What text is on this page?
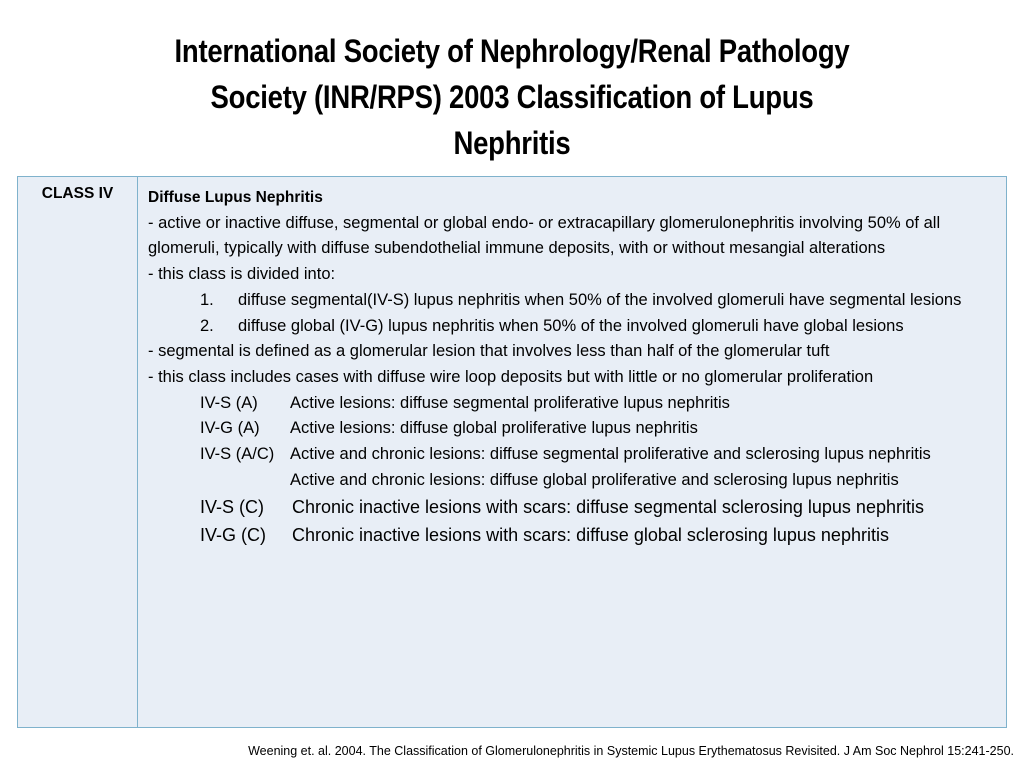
International Society of Nephrology/Renal Pathology
Society (INR/RPS) 2003 Classification of Lupus
Nephritis
CLASS IV	Diffuse Lupus Nephritis

- active or inactive diffuse, segmental or global endo- or extracapillary glomerulonephritis involving 50% of all glomeruli, typically with diffuse subendothelial immune deposits, with or without mesangial alterations

- this class is divided into:

1.	diffuse segmental(IV-S) lupus nephritis when 50% of the involved glomeruli have segmental lesions
2.	diffuse global (IV-G) lupus nephritis when 50% of the involved glomeruli have global lesions

- segmental is defined as a glomerular lesion that involves less than half of the glomerular tuft

- this class includes cases with diffuse wire loop deposits but with little or no glomerular proliferation

IV-S (A)	Active lesions: diffuse segmental proliferative lupus nephritis
IV-G (A)	Active lesions: diffuse global proliferative lupus nephritis
IV-S (A/C) Active and chronic lesions: diffuse segmental proliferative and sclerosing lupus nephritis
Active and chronic lesions: diffuse global proliferative and sclerosing lupus nephritis
IV-S (C)	Chronic inactive lesions with scars: diffuse segmental sclerosing lupus nephritis
IV-G (C)	Chronic inactive lesions with scars: diffuse global sclerosing lupus nephritis
Weening et. al. 2004. The Classification of Glomerulonephritis in Systemic Lupus Erythematosus Revisited. J Am Soc Nephrol 15:241-250.
